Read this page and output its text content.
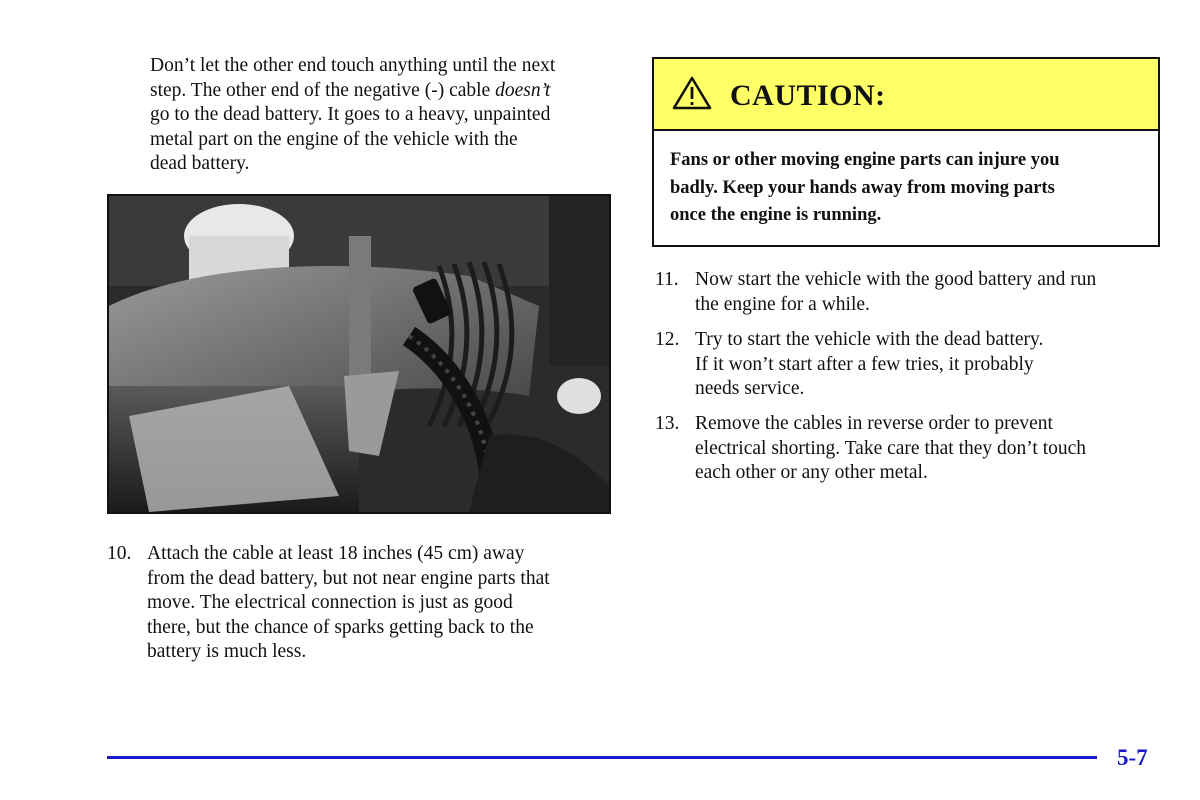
Don’t let the other end touch anything until the next
step. The other end of the negative (-) cable doesn’t
go to the dead battery. It goes to a heavy, unpainted
metal part on the engine of the vehicle with the
dead battery.
10. Attach the cable at least 18 inches (45 cm) away
from the dead battery, but not near engine parts that
move. The electrical connection is just as good
there, but the chance of sparks getting back to the
battery is much less.
CAUTION:
Fans or other moving engine parts can injure you
badly. Keep your hands away from moving parts
once the engine is running.
11. Now start the vehicle with the good battery and run
the engine for a while.
12. Try to start the vehicle with the dead battery.
If it won’t start after a few tries, it probably
needs service.
13. Remove the cables in reverse order to prevent
electrical shorting. Take care that they don’t touch
each other or any other metal.
5-7
